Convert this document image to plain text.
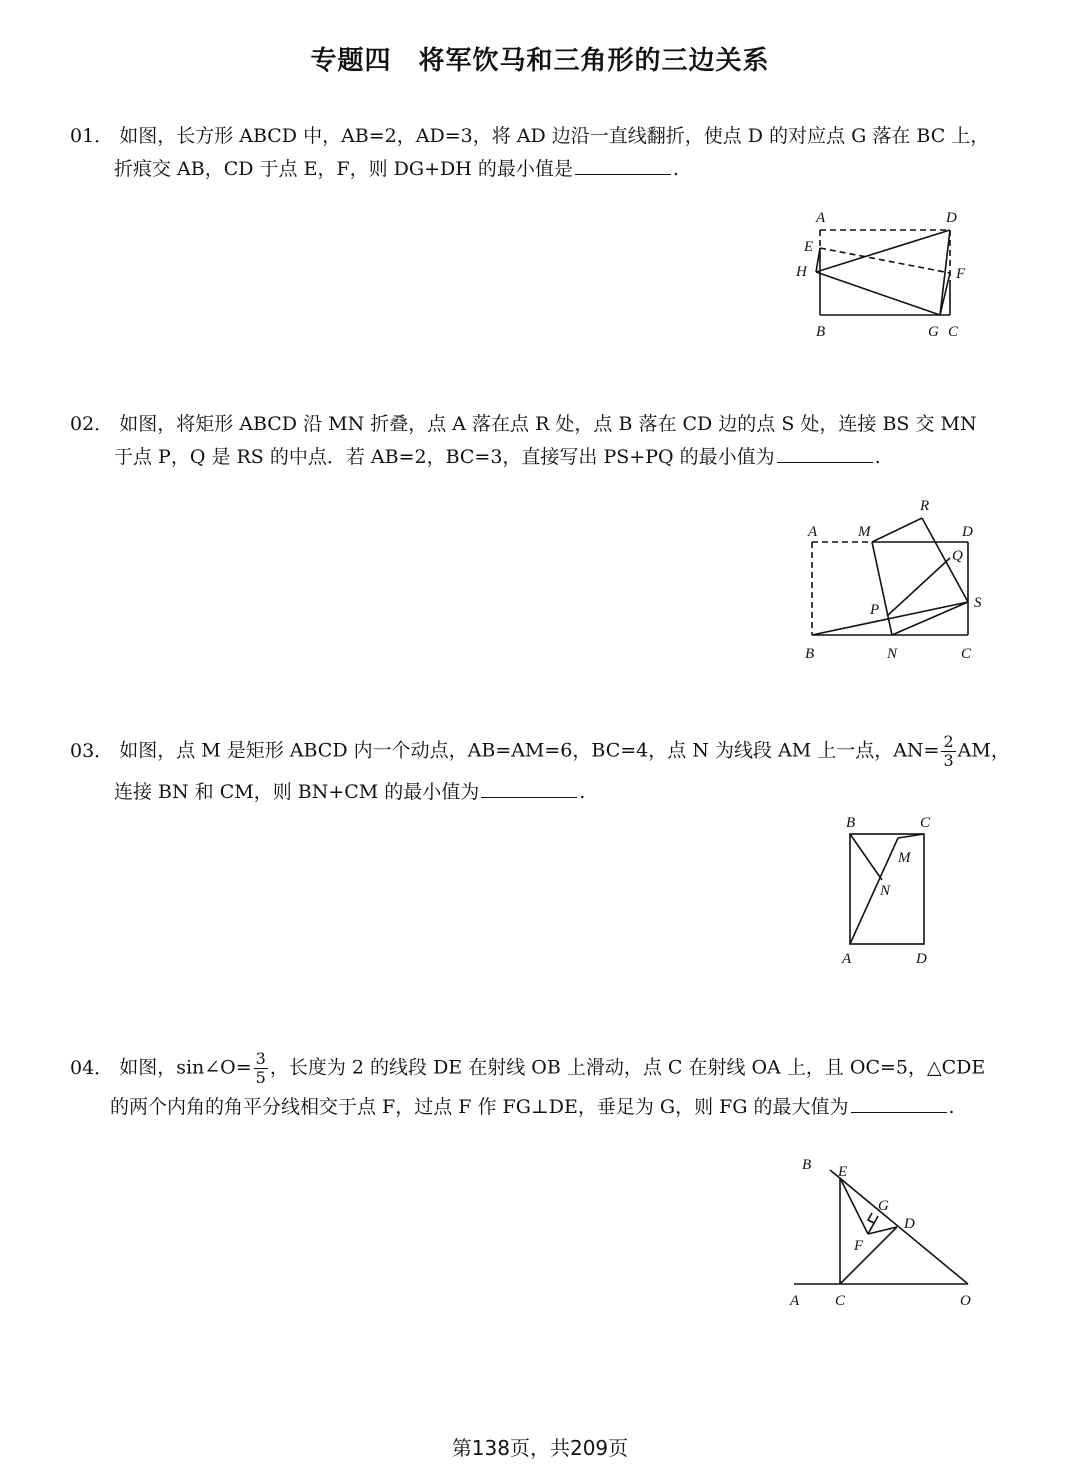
专题四　将军饮马和三角形的三边关系
01． 如图，长方形 ABCD 中，AB=2，AD=3，将 AD 边沿一直线翻折，使点 D 的对应点 G 落在 BC 上，
折痕交 AB，CD 于点 E，F，则 DG+DH 的最小值是	.
A	D
E
H	F
B	G C
02． 如图，将矩形 ABCD 沿 MN 折叠，点 A 落在点 R 处，点 B 落在 CD 边的点 S 处，连接 BS 交 MN
于点 P，Q 是 RS 的中点．若 AB=2，BC=3，直接写出 PS+PQ 的最小值为	.
A	M
R
D
Q
S
P
B	N	C
03． 如图，点 M 是矩形 ABCD 内一个动点，AB=AM=6，BC=4，点 N 为线段 AM 上一点，$AN= \frac{2}{3}$ AM，
连接 BN 和 CM，则 BN+CM 的最小值为	.
B	C
M
N
A	D
04． 如图，sin∠O= $\frac{3}{5}$ ，长度为 2 的线段 DE 在射线 OB 上滑动，点 C 在射线 OA 上，且 OC=5，△CDE
的两个内角的角平分线相交于点 F，过点 F 作 FG⊥DE，垂足为 G，则 FG 的最大值为	.
B E
G
D
F
A C	O
第138页，共209页
